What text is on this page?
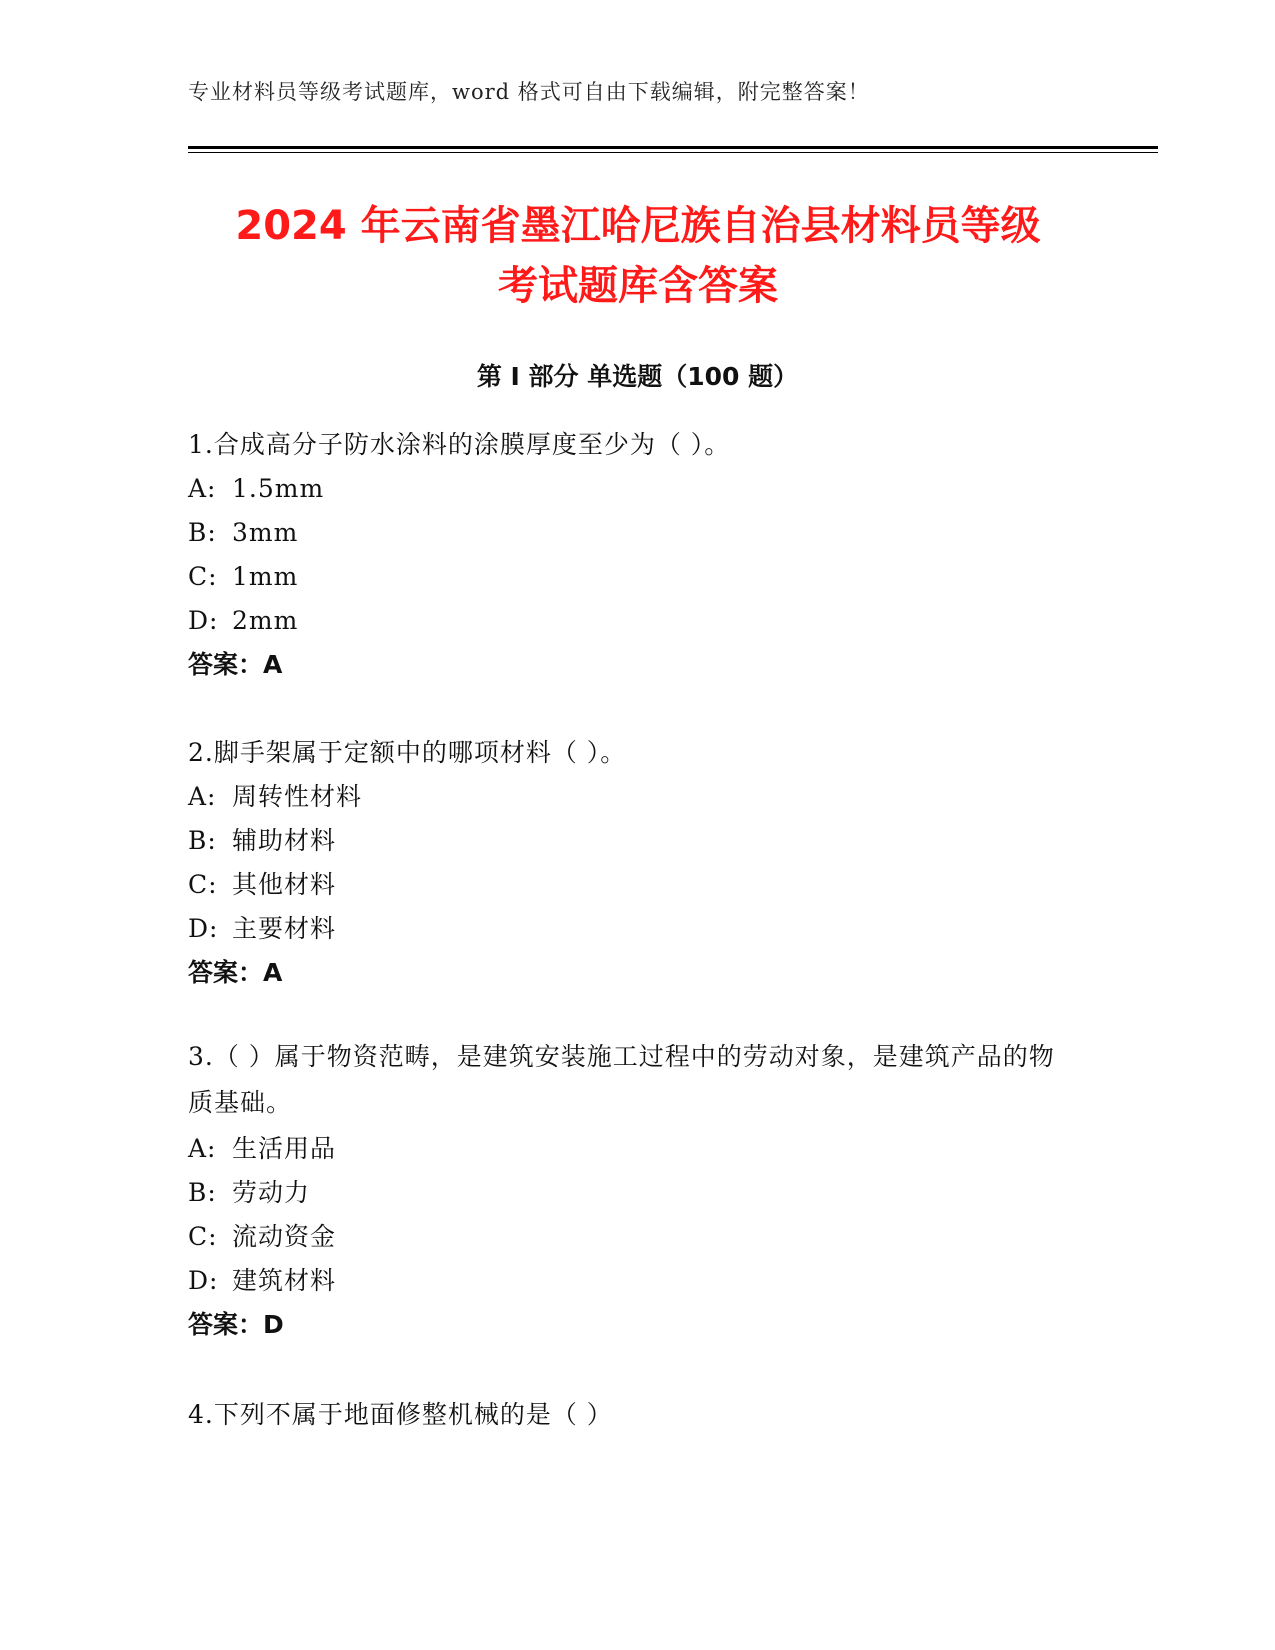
专业材料员等级考试题库，word 格式可自由下载编辑，附完整答案！
2024 年云南省墨江哈尼族自治县材料员等级
考试题库含答案
第 I 部分 单选题（100 题）
1.合成高分子防水涂料的涂膜厚度至少为（ ）。
A: 1.5mm
B: 3mm
C: 1mm
D: 2mm
答案：A
2.脚手架属于定额中的哪项材料（ ）。
A: 周转性材料
B: 辅助材料
C: 其他材料
D: 主要材料
答案：A
3.（ ）属于物资范畴，是建筑安装施工过程中的劳动对象，是建筑产品的物质基础。
A: 生活用品
B: 劳动力
C: 流动资金
D: 建筑材料
答案：D
4.下列不属于地面修整机械的是（ ）
